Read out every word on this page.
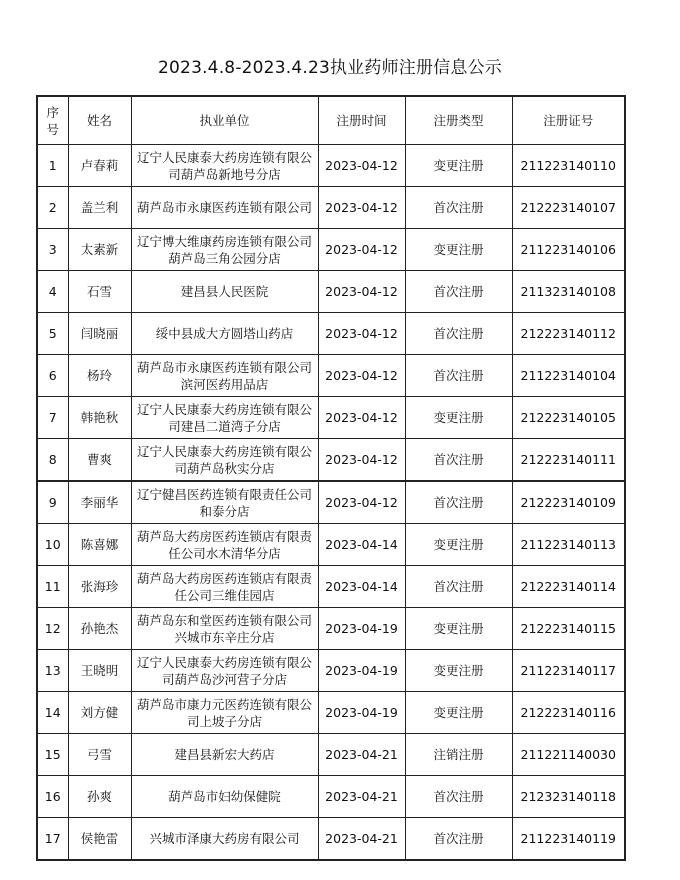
2023.4.8-2023.4.23执业药师注册信息公示
序号	姓名	执业单位	注册时间	注册类型	注册证号
1	卢春莉	辽宁人民康泰大药房连锁有限公司葫芦岛新地号分店	2023-04-12	变更注册	211223140110
2	盖兰利	葫芦岛市永康医药连锁有限公司	2023-04-12	首次注册	212223140107
3	太素新	辽宁博大维康药房连锁有限公司葫芦岛三角公园分店	2023-04-12	变更注册	211223140106
4	石雪	建昌县人民医院	2023-04-12	首次注册	211323140108
5	闫晓丽	绥中县成大方圆塔山药店	2023-04-12	首次注册	212223140112
6	杨玲	葫芦岛市永康医药连锁有限公司滨河医药用品店	2023-04-12	首次注册	211223140104
7	韩艳秋	辽宁人民康泰大药房连锁有限公司建昌二道湾子分店	2023-04-12	变更注册	212223140105
8	曹爽	辽宁人民康泰大药房连锁有限公司葫芦岛秋实分店	2023-04-12	首次注册	212223140111
9	李丽华	辽宁健昌医药连锁有限责任公司和泰分店	2023-04-12	首次注册	212223140109
10	陈喜娜	葫芦岛大药房医药连锁店有限责任公司水木清华分店	2023-04-14	变更注册	211223140113
11	张海珍	葫芦岛大药房医药连锁店有限责任公司三维佳园店	2023-04-14	首次注册	212223140114
12	孙艳杰	葫芦岛东和堂医药连锁有限公司兴城市东辛庄分店	2023-04-19	变更注册	212223140115
13	王晓明	辽宁人民康泰大药房连锁有限公司葫芦岛沙河营子分店	2023-04-19	变更注册	211223140117
14	刘方健	葫芦岛市康力元医药连锁有限公司上坡子分店	2023-04-19	变更注册	212223140116
15	弓雪	建昌县新宏大药店	2023-04-21	注销注册	211221140030
16	孙爽	葫芦岛市妇幼保健院	2023-04-21	首次注册	212323140118
17	侯艳雷	兴城市泽康大药房有限公司	2023-04-21	首次注册	211223140119
